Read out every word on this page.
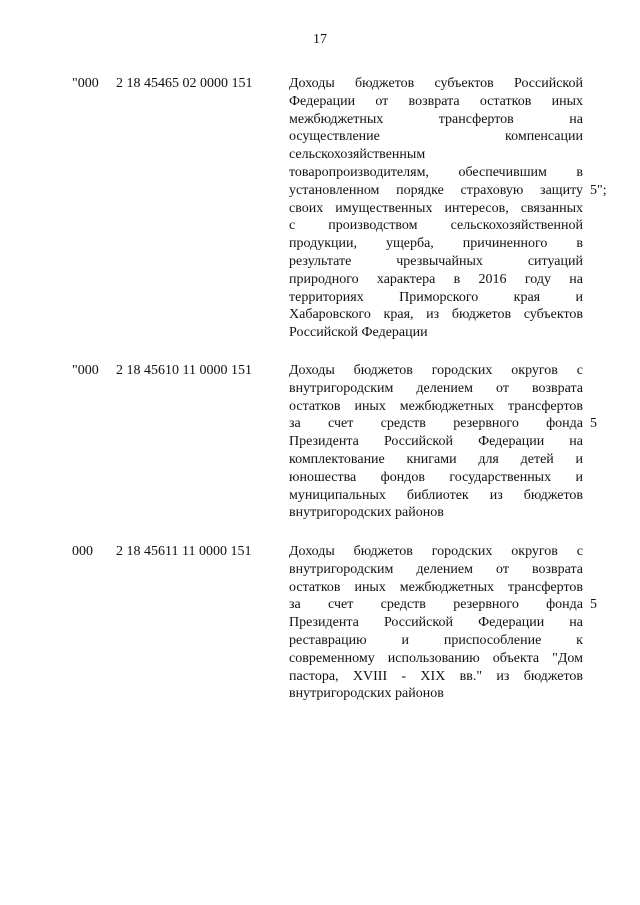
17
"000 2 18 45465 02 0000 151	Доходы бюджетов субъектов Российской
Федерации от возврата остатков иных
межбюджетных трансфертов на
осуществление компенсации
сельскохозяйственным
товаропроизводителям, обеспечившим в
установленном порядке страховую защиту
своих имущественных интересов, связанных
с производством сельскохозяйственной
продукции, ущерба, причиненного в
результате чрезвычайных ситуаций
природного характера в 2016 году на
территориях Приморского края и
Хабаровского края, из бюджетов субъектов
Российской Федерации
5";
"000 2 18 45610 11 0000 151	Доходы бюджетов городских округов с
внутригородским делением от возврата
остатков иных межбюджетных трансфертов
за счет средств резервного фонда
Президента Российской Федерации на
комплектование книгами для детей и
юношества фондов государственных и
муниципальных библиотек из бюджетов
внутригородских районов
5
000 2 18 45611 11 0000 151	Доходы бюджетов городских округов с
внутригородским делением от возврата
остатков иных межбюджетных трансфертов
за счет средств резервного фонда
Президента Российской Федерации на
реставрацию и приспособление к
современному использованию объекта "Дом
пастора, XVIII - XIX вв." из бюджетов
внутригородских районов
5
